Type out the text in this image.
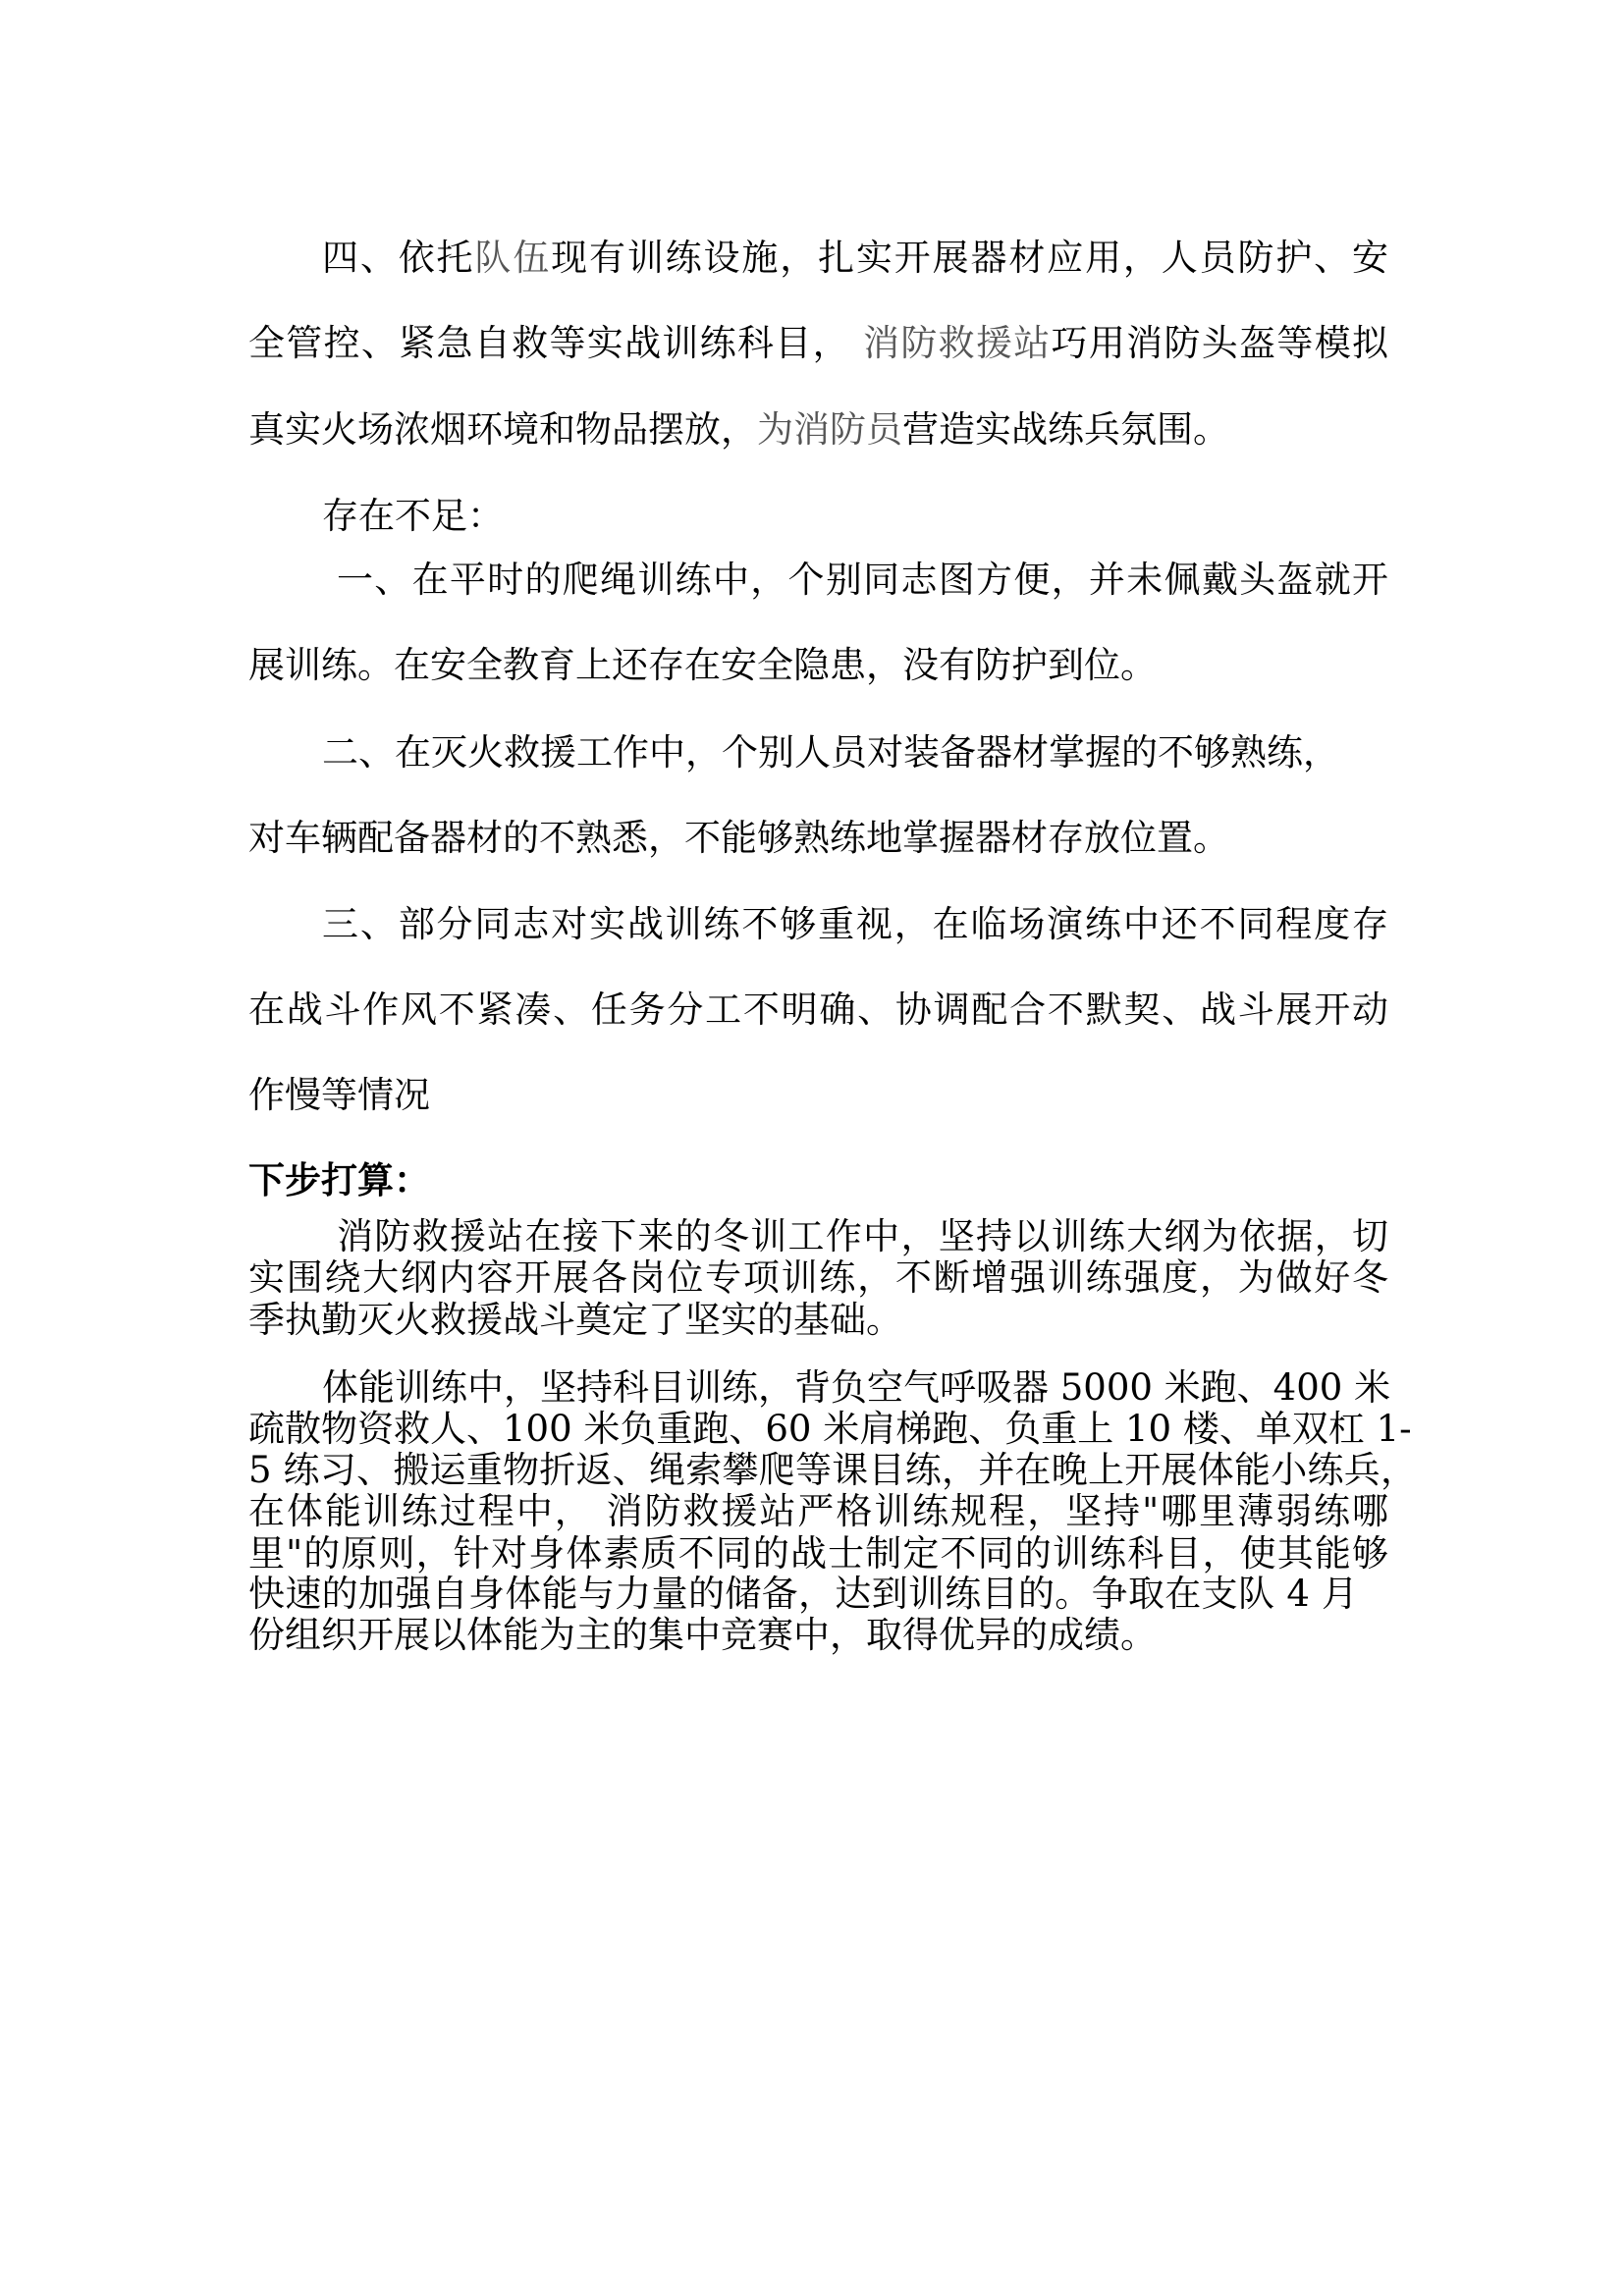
四、依托队伍现有训练设施，扎实开展器材应用，人员防护、安
全管控、紧急自救等实战训练科目， 消防救援站巧用消防头盔等模拟
真实火场浓烟环境和物品摆放，为消防员营造实战练兵氛围。
存在不足：
一、在平时的爬绳训练中，个别同志图方便，并未佩戴头盔就开
展训练。在安全教育上还存在安全隐患，没有防护到位。
二、在灭火救援工作中，个别人员对装备器材掌握的不够熟练，
对车辆配备器材的不熟悉，不能够熟练地掌握器材存放位置。
三、部分同志对实战训练不够重视，在临场演练中还不同程度存
在战斗作风不紧凑、任务分工不明确、协调配合不默契、战斗展开动
作慢等情况
下步打算：
消防救援站在接下来的冬训工作中，坚持以训练大纲为依据，切
实围绕大纲内容开展各岗位专项训练，不断增强训练强度，为做好冬
季执勤灭火救援战斗奠定了坚实的基础。
体能训练中，坚持科目训练，背负空气呼吸器 5000 米跑、400 米
疏散物资救人、100 米负重跑、60 米肩梯跑、负重上 10 楼、单双杠 1-
5 练习、搬运重物折返、绳索攀爬等课目练，并在晚上开展体能小练兵，
在体能训练过程中， 消防救援站严格训练规程，坚持"哪里薄弱练哪
里"的原则，针对身体素质不同的战士制定不同的训练科目，使其能够
快速的加强自身体能与力量的储备，达到训练目的。争取在支队 4 月
份组织开展以体能为主的集中竞赛中，取得优异的成绩。
